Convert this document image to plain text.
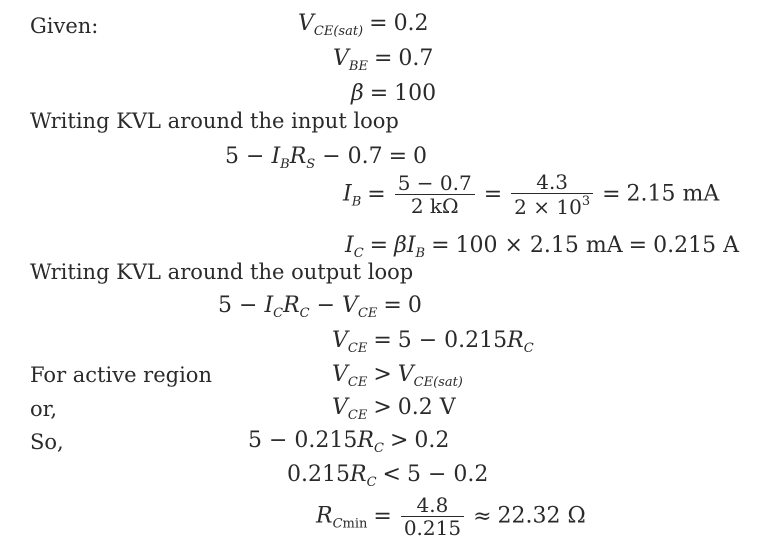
Given:	$V_{CE(sat)} = 0.2$
$V_{BE} = 0.7$
β = 100
Writing KVL around the input loop
$5 - I_BR_S - 0.7 = 0$
$I_B = \frac{5 - 0.7}{2 k\Omega} = \frac{4.3}{2 \times 10^3} = 2.15$ mA
$I_C = \beta I_B = 100 \times 2.15$ mA = 0.215 A
Writing KVL around the output loop
$5 - I_CR_C - V_{CE} = 0$
$V_{CE} = 5 - 0.215R_C$
For active region	$V_{CE} > V_{CE(sat)}$
or,	$V_{CE} > 0.2$ V
So,	$5 - 0.215R_C > 0.2$
$0.215R_C < 5 - 0.2$
$R_{Cmin} = \frac{4.8}{0.215} \approx 22.32$ Ω
